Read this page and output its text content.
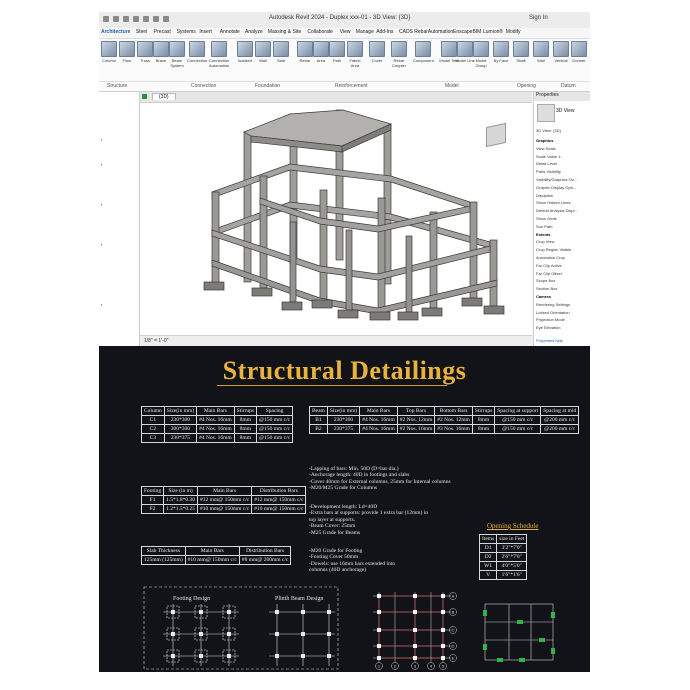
Autodesk Revit 2024 - Duplex xxx-01 - 3D View: {3D}	Sign In
Architecture Steel Precast Systems Insert Annotate Analyze Massing & Site Collaborate View Manage Add-Ins CADS RebarAutomation EnscapeBIM Lumion® Modify
Dormer
Vertical
Wall
Shaft
By Face
Model Group
Model Line
Model Text
Component
Rebar Coupler
Cover
Fabric Area
Path
Area
Rebar
Slab
Wall
Isolated
Connection Automation
Connection
Beam System
Brace
Truss
Floor
Column
Structure	Connection	Foundation	Reinforcement	Model	Opening	Datum
▪
▪
▪
▪
▪
{3D}
1/8" = 1'-0"
Properties
3D View
3D View: {3D}
Properties help
Graphics
View Scale
Scale Value 1:
Detail Level
Parts Visibility
Visibility/Graphics Ov...
Graphic Display Opti...
Discipline
Show Hidden Lines
Default Analysis Displ...
Show Grids
Sun Path
Extents
Crop View
Crop Region Visible
Annotation Crop
Far Clip Active
Far Clip Offset
Scope Box
Section Box
Camera
Rendering Settings
Locked Orientation
Projection Mode
Eye Elevation
Structural Detailings
Column	Size(in mm)	Main Bars	Stirrups	Spacing
C1	230*300	#4 Nos. 16mm	8mm	@150 mm c/c
C2	300*300	#4 Nos. 16mm	8mm	@150 mm c/c
C3	230*375	#4 Nos. 16mm	8mm	@150 mm c/c
Beam	Size(in mm)	Main Bars	Top Bars	Bottom Bars	Stirrups	Spacing at support	Spacing at mid
B1	230*300	#4 Nos. 16mm	#2 Nos. 12mm	#2 Nos. 12mm	8mm	@150 mm c/c	@200 mm c/c
B2	230*375	#4 Nos. 16mm	#2 Nos. 16mm	#3 Nos. 16mm	8mm	@150 mm c/c	@200 mm c/c
Footing	Size (in m)	Main Bars	Distribution Bars
F1	1.5*1.8*0.30	#12 mm@ 150mm c/c	#12 mm@ 150mm c/c
F2	1.2*1.5*0.25	#10 mm@ 150mm c/c	#10 mm@ 150mm c/c
Slab Thickness	Main Bars	Distribution Bars
125mm (125mm)	#10 mm@ 150mm c/c	#8 mm@ 200mm c/c
-Lapping of bars: Min. 50D (D=bar dia.)
-Anchorage length: 40D in footings and slabs
-Cover 40mm for External columns, 25mm for Internal columns
-M20/M25 Grade for Columns
-Development length: Ld=40D
-Extra bars at supports: provide 1 extra bar (12mm) in
top layer at supports.
-Beam Cover: 25mm
-M25 Grade for Beams
-M20 Grade for Footing
-Footing Cover 50mm
-Dowels: use 16mm bars extended into
columns (40D anchorage)
Opening Schedule
Items	size in Feet
D1	3'2"*7'0"
D2	2'6"*7'0"
W1	4'0"*5'0"
V	1'6"*1'6"
Footing Design	Plinth Beam Design
A
B
C
D
E
1	2	3	4 5
